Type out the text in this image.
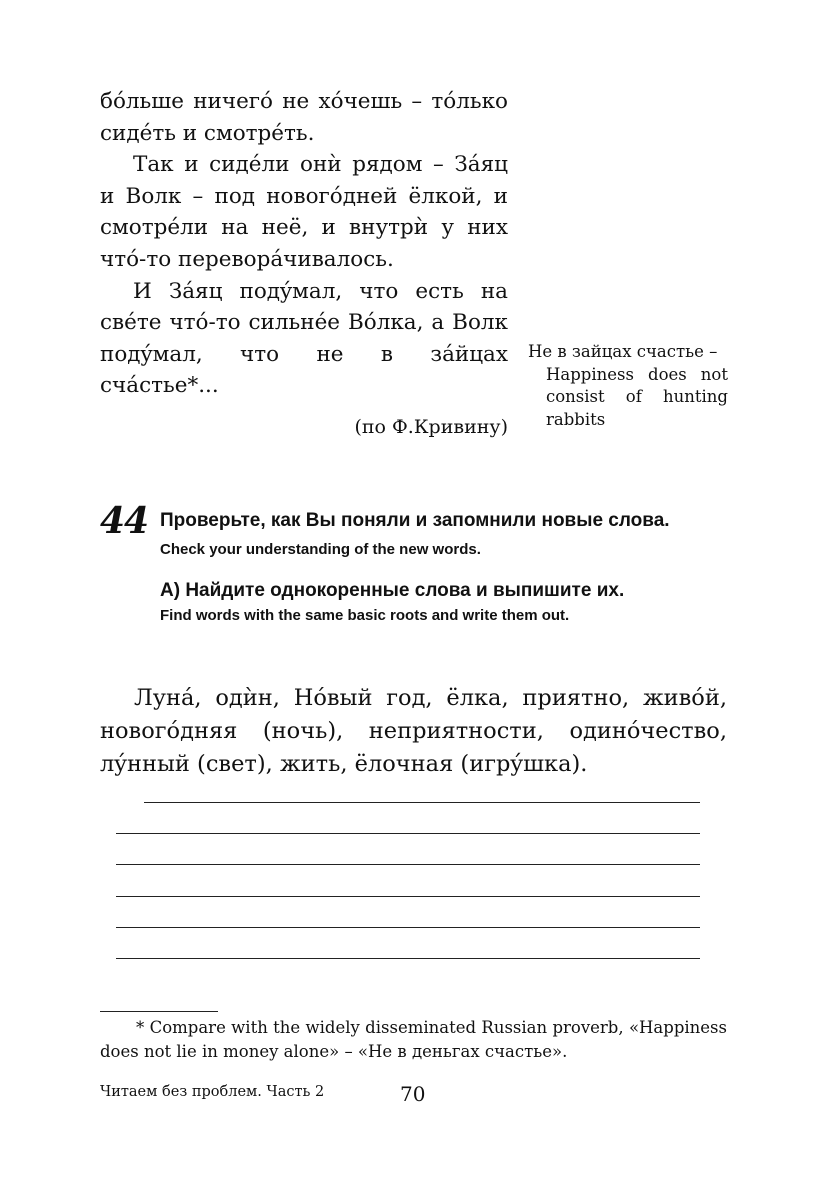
бóльше ничегó не хóчешь – тóлько
сидéть и смотрéть.
Так и сидéли онѝ рядом – Зáяц
и Волк – под новогóдней ёлкой, и
смотрéли на неё, и внутрѝ у них
чтó-то переворáчивалось.
И Зáяц подýмал, что есть на
свéте чтó-то сильнéе Вóлка, а Волк
подýмал, что не в зáйцах
счáстье*...
(по Ф.Кривину)
Не в зайцах счастье –
Happiness does not
consist of hunting
rabbits
44 Проверьте, как Вы поняли и запомнили новые слова.

Check your understanding of the new words.

А) Найдите однокоренные слова и выпишите их.

Find words with the same basic roots and write them out.

Лунá, одѝн, Нóвый год, ёлка, приятно, живóй,
новогóдняя (ночь), неприятности, одинóчество,
лýнный (свет), жить, ёлочная (игрýшка).
* Compare with the widely disseminated Russian proverb, «Happiness
does not lie in money alone» – «Не в деньгах счастье».
Читаем без проблем. Часть 2	70
